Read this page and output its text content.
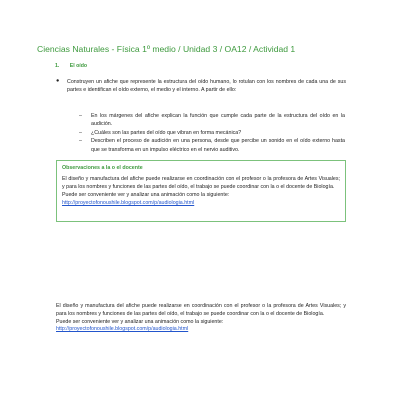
Ciencias Naturales - Física 1º medio / Unidad 3 / OA12 / Actividad 1
1. El oído
● Construyen un afiche que represente la estructura del oído humano, lo rotulan con los nombres de cada una de sus partes e identifican el oído externo, el medio y el interno. A partir de ello:
– En los márgenes del afiche explican la función que cumple cada parte de la estructura del oído en la audición.
– ¿Cuáles son las partes del oído que vibran en forma mecánica?
– Describen el proceso de audición en una persona, desde que percibe un sonido en el oído externo hasta que se transforma en un impulso eléctrico en el nervio auditivo.
Observaciones a la o el docente
El diseño y manufactura del afiche puede realizarse en coordinación con el profesor o la profesora de Artes Visuales; y para los nombres y funciones de las partes del oído, el trabajo se puede coordinar con la o el docente de Biología.
Puede ser conveniente ver y analizar una animación como la siguiente:
http://proyectofonoushile.blogspot.com/p/audiologia.html
El diseño y manufactura del afiche puede realizarse en coordinación con el profesor o la profesora de Artes Visuales; y para los nombres y funciones de las partes del oído, el trabajo se puede coordinar con la o el docente de Biología.
Puede ser conveniente ver y analizar una animación como la siguiente:
http://proyectofonoushile.blogspot.com/p/audiologia.html
